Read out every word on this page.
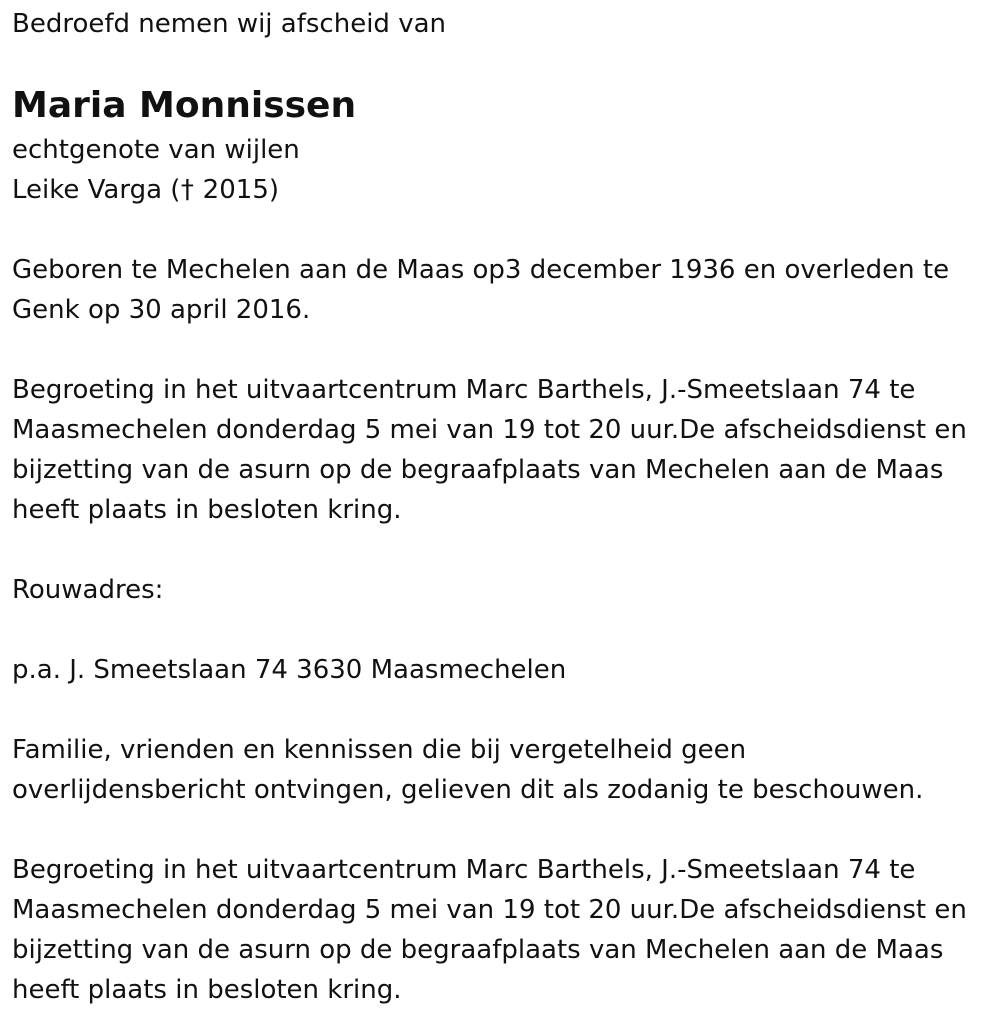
Bedroefd nemen wij afscheid van

Maria Monnissen

echtgenote van wijlen

Leike Varga († 2015)

Geboren te Mechelen aan de Maas op3 december 1936 en overleden te

Genk op 30 april 2016.

Begroeting in het uitvaartcentrum Marc Barthels, J.-Smeetslaan 74 te

Maasmechelen donderdag 5 mei van 19 tot 20 uur.De afscheidsdienst en

bijzetting van de asurn op de begraafplaats van Mechelen aan de Maas

heeft plaats in besloten kring.

Rouwadres:

p.a. J. Smeetslaan 74 3630 Maasmechelen

Familie, vrienden en kennissen die bij vergetelheid geen

overlijdensbericht ontvingen, gelieven dit als zodanig te beschouwen.

Begroeting in het uitvaartcentrum Marc Barthels, J.-Smeetslaan 74 te

Maasmechelen donderdag 5 mei van 19 tot 20 uur.De afscheidsdienst en

bijzetting van de asurn op de begraafplaats van Mechelen aan de Maas

heeft plaats in besloten kring.
